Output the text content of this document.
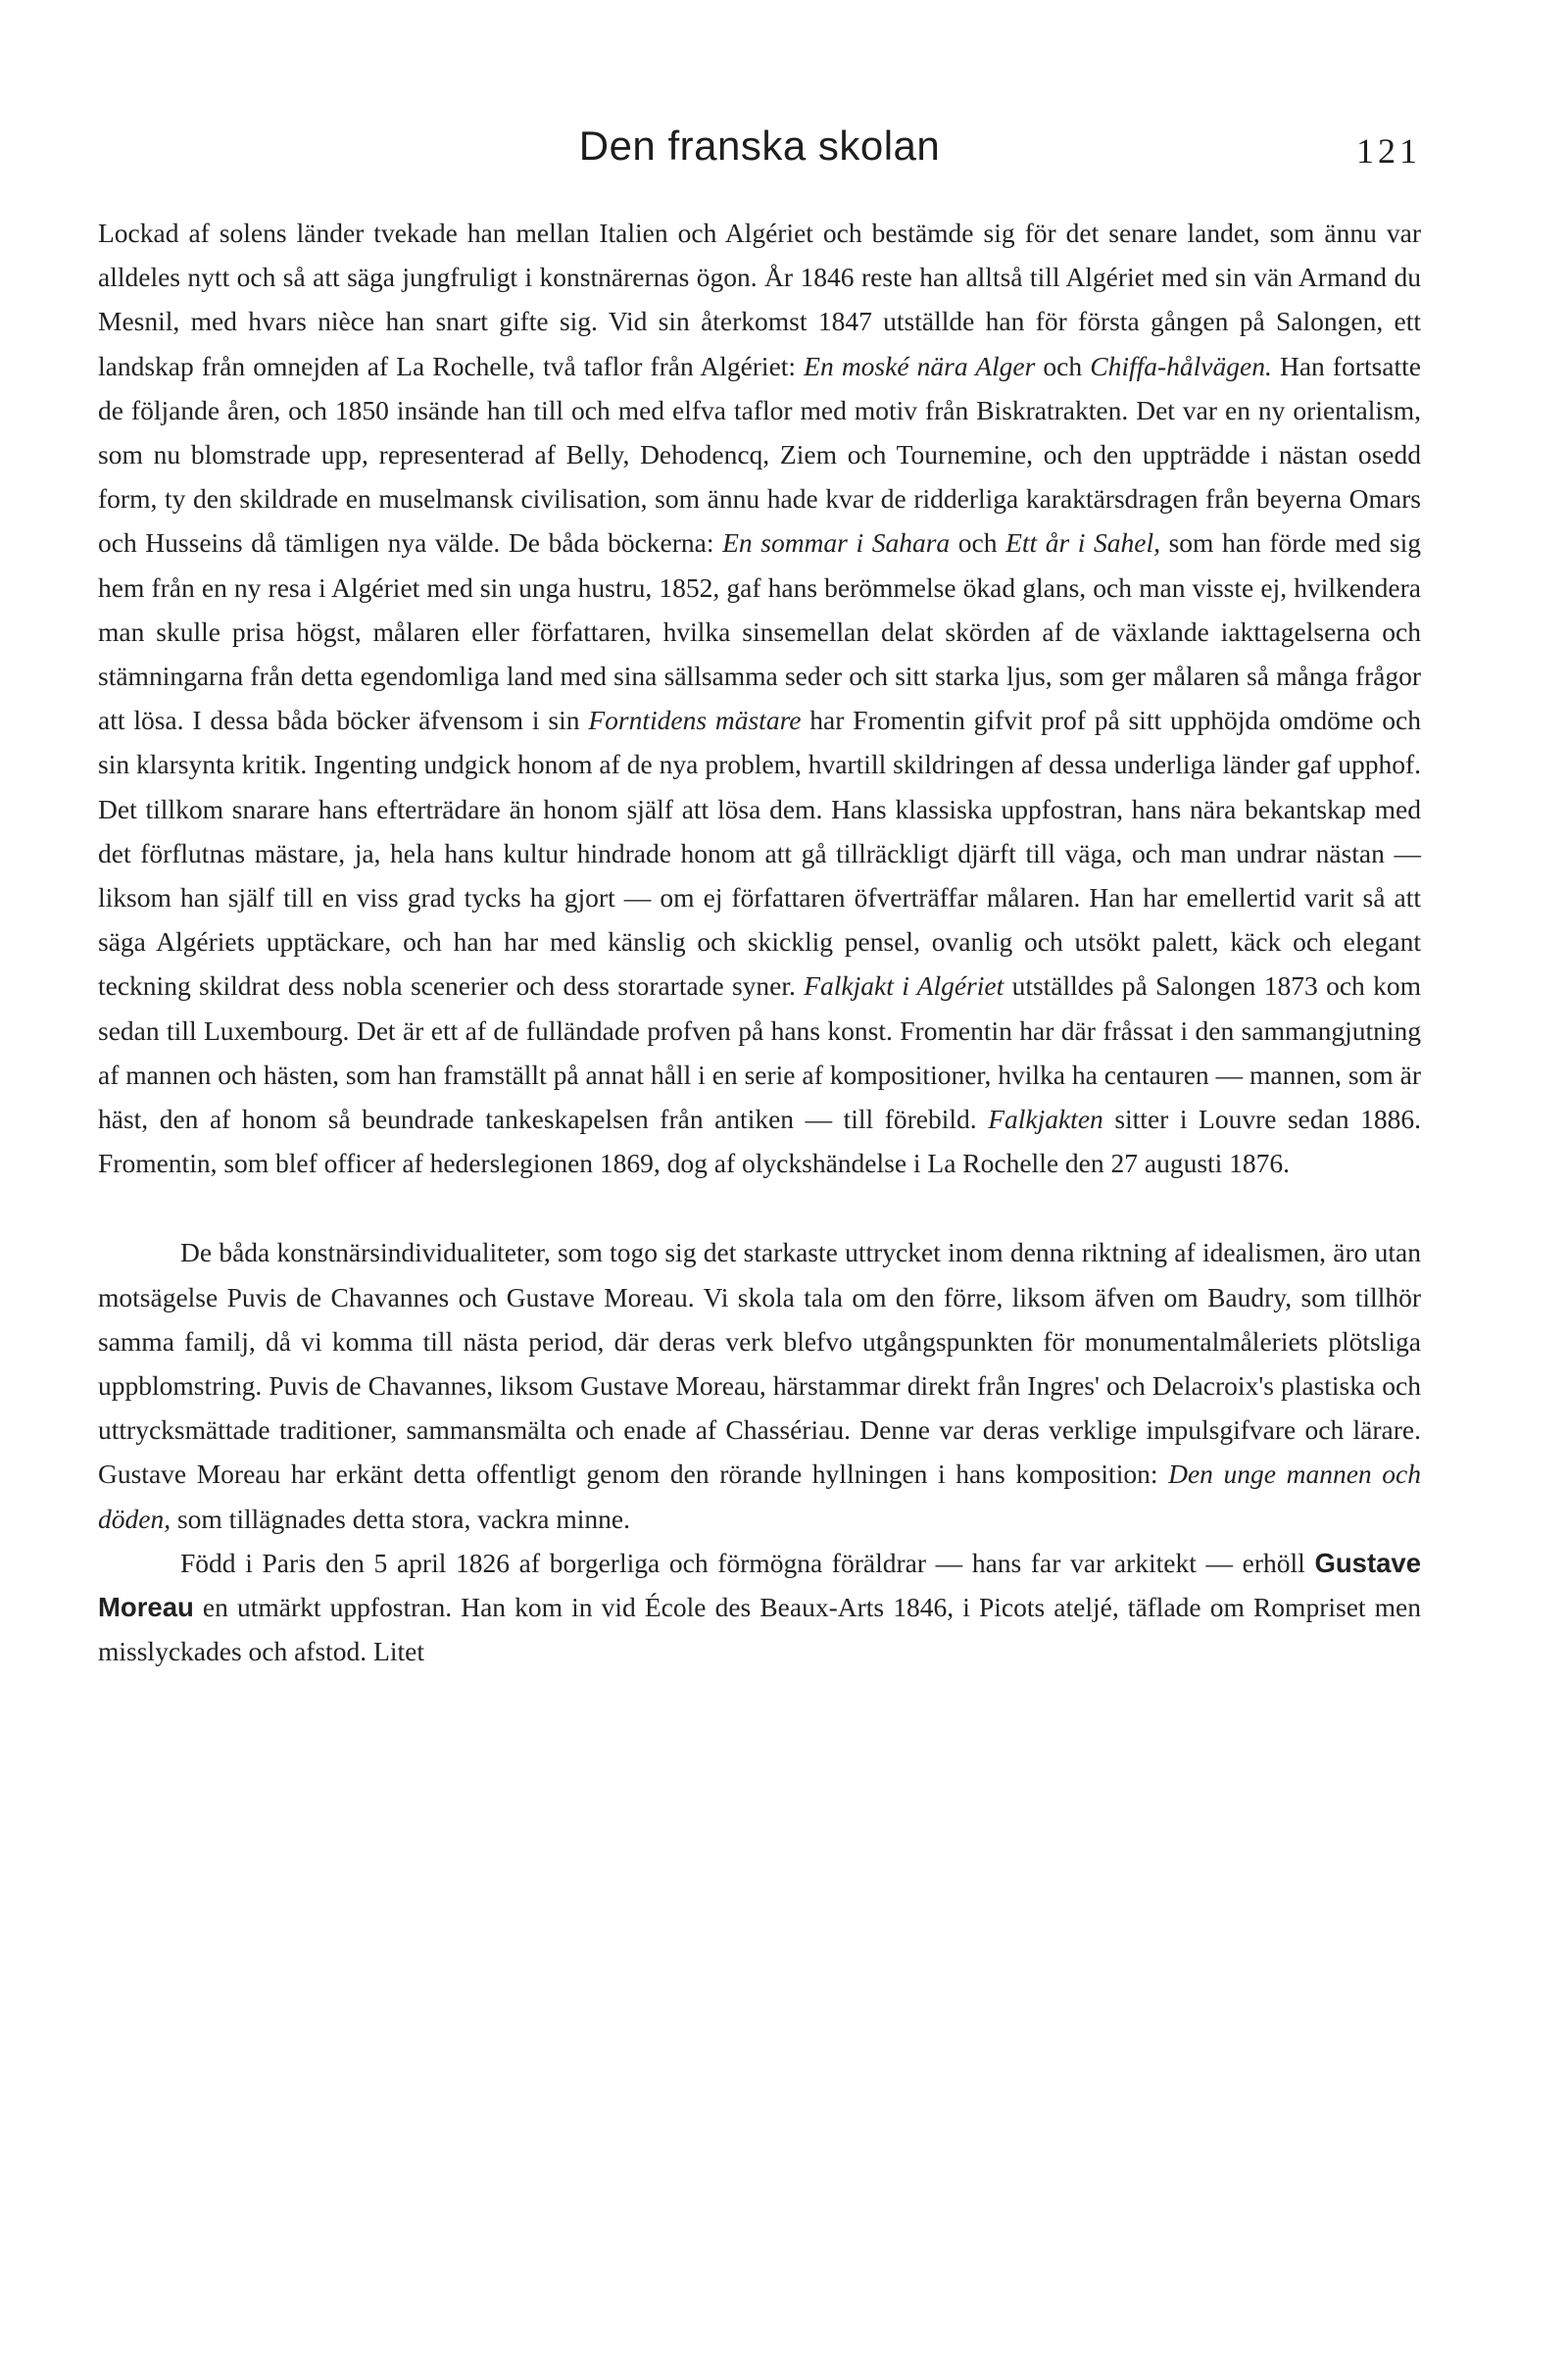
Den franska skolan	121

Lockad af solens länder tvekade han mellan Italien och Algériet och bestämde sig för det senare landet, som ännu var alldeles nytt och så att säga jungfruligt i konstnärernas ögon. År 1846 reste han alltså till Algériet med sin vän Armand du Mesnil, med hvars nièce han snart gifte sig. Vid sin återkomst 1847 utställde han för första gången på Salongen, ett landskap från omnejden af La Rochelle, två taflor från Algériet: En moské nära Alger och Chiffa-hålvägen. Han fortsatte de följande åren, och 1850 insände han till och med elfva taflor med motiv från Biskratrakten. Det var en ny orientalism, som nu blomstrade upp, representerad af Belly, Dehodencq, Ziem och Tournemine, och den uppträdde i nästan osedd form, ty den skildrade en muselmansk civilisation, som ännu hade kvar de ridderliga karaktärsdragen från beyerna Omars och Husseins då tämligen nya välde. De båda böckerna: En sommar i Sahara och Ett år i Sahel, som han förde med sig hem från en ny resa i Algériet med sin unga hustru, 1852, gaf hans berömmelse ökad glans, och man visste ej, hvilkendera man skulle prisa högst, målaren eller författaren, hvilka sinsemellan delat skörden af de växlande iakttagelserna och stämningarna från detta egendomliga land med sina sällsamma seder och sitt starka ljus, som ger målaren så många frågor att lösa. I dessa båda böcker äfvensom i sin Forntidens mästare har Fromentin gifvit prof på sitt upphöjda omdöme och sin klarsynta kritik. Ingenting undgick honom af de nya problem, hvartill skildringen af dessa underliga länder gaf upphof. Det tillkom snarare hans efterträdare än honom själf att lösa dem. Hans klassiska uppfostran, hans nära bekantskap med det förflutnas mästare, ja, hela hans kultur hindrade honom att gå tillräckligt djärft till väga, och man undrar nästan — liksom han själf till en viss grad tycks ha gjort — om ej författaren öfverträffar målaren. Han har emellertid varit så att säga Algériets upptäckare, och han har med känslig och skicklig pensel, ovanlig och utsökt palett, käck och elegant teckning skildrat dess nobla scenerier och dess storartade syner. Falkjakt i Algériet utställdes på Salongen 1873 och kom sedan till Luxembourg. Det är ett af de fulländade profven på hans konst. Fromentin har där fråssat i den sammangjutning af mannen och hästen, som han framställt på annat håll i en serie af kompositioner, hvilka ha centauren — mannen, som är häst, den af honom så beundrade tankeskapelsen från antiken — till förebild. Falkjakten sitter i Louvre sedan 1886. Fromentin, som blef officer af hederslegionen 1869, dog af olyckshändelse i La Rochelle den 27 augusti 1876.

De båda konstnärsindividualiteter, som togo sig det starkaste uttrycket inom denna riktning af idealismen, äro utan motsägelse Puvis de Chavannes och Gustave Moreau. Vi skola tala om den förre, liksom äfven om Baudry, som tillhör samma familj, då vi komma till nästa period, där deras verk blefvo utgångspunkten för monumentalmåleriets plötsliga uppblomstring. Puvis de Chavannes, liksom Gustave Moreau, härstammar direkt från Ingres' och Delacroix's plastiska och uttrycksmättade traditioner, sammansmälta och enade af Chassériau. Denne var deras verklige impulsgifvare och lärare. Gustave Moreau har erkänt detta offentligt genom den rörande hyllningen i hans komposition: Den unge mannen och döden, som tillägnades detta stora, vackra minne.

Född i Paris den 5 april 1826 af borgerliga och förmögna föräldrar — hans far var arkitekt — erhöll Gustave Moreau en utmärkt uppfostran. Han kom in vid École des Beaux-Arts 1846, i Picots ateljé, täflade om Rompriset men misslyckades och afstod. Litet
